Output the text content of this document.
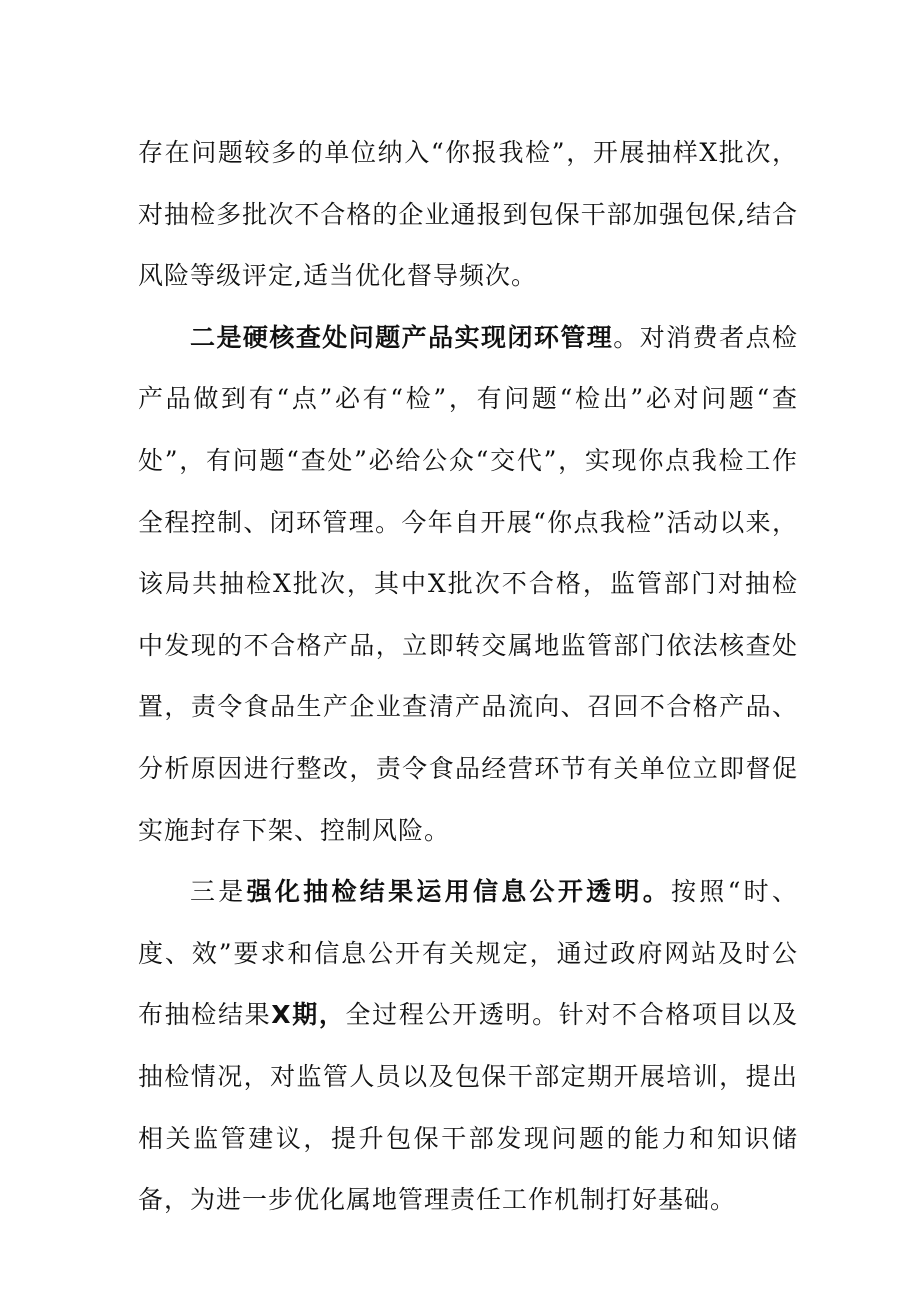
存在问题较多的单位纳入“你报我检”，开展抽样X批次，对抽检多批次不合格的企业通报到包保干部加强包保,结合风险等级评定,适当优化督导频次。

二是硬核查处问题产品实现闭环管理。对消费者点检产品做到有“点”必有“检”，有问题“检出”必对问题“查处”，有问题“查处”必给公众“交代”，实现你点我检工作全程控制、闭环管理。今年自开展“你点我检”活动以来，该局共抽检X批次，其中X批次不合格，监管部门对抽检中发现的不合格产品，立即转交属地监管部门依法核查处置，责令食品生产企业查清产品流向、召回不合格产品、分析原因进行整改，责令食品经营环节有关单位立即督促实施封存下架、控制风险。

三是强化抽检结果运用信息公开透明。按照“时、度、效”要求和信息公开有关规定，通过政府网站及时公布抽检结果X期，全过程公开透明。针对不合格项目以及抽检情况，对监管人员以及包保干部定期开展培训，提出相关监管建议，提升包保干部发现问题的能力和知识储备，为进一步优化属地管理责任工作机制打好基础。
